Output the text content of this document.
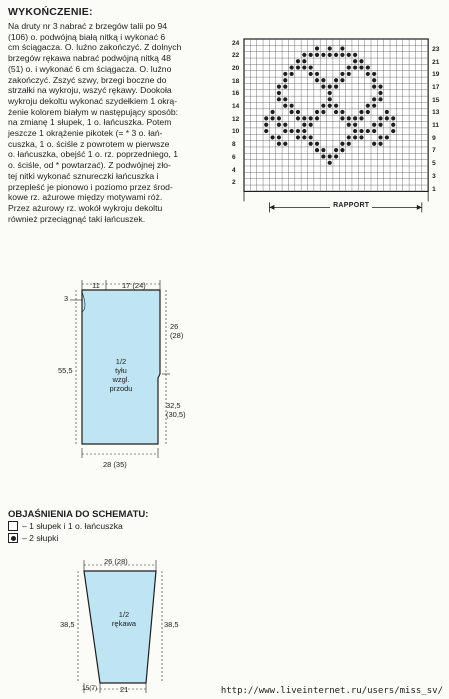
WYKOŃCZENIE:
Na druty nr 3 nabrać z brzegów talii po 94
(106) o. podwójną białą nitką i wykonać 6
cm ściągacza. O. luźno zakończyć. Z dolnych
brzegów rękawa nabrać podwójną nitką 48
(51) o. i wykonać 6 cm ściągacza. O. luźno
zakończyć. Zszyć szwy, brzegi boczne do
strzałki na wykroju, wszyć rękawy. Dookoła
wykroju dekoltu wykonać szydełkiem 1 okrą-
żenie kolorem białym w następujący sposób:
na zmianę 1 słupek, 1 o. łańcuszka. Potem
jeszcze 1 okrążenie pikotek (= * 3 o. łań-
cuszka, 1 o. ściśle z powrotem w pierwsze
o. łańcuszka, obejść 1 o. rz. poprzedniego, 1
o. ściśle, od * powtarzać). Z podwójnej zło-
tej nitki wykonać sznureczki łańcuszka i
przepleść je pionowo i poziomo przez środ-
kowe rz. ażurowe między motywami róż.
Przez ażurowy rz. wokół wykroju dekoltu
również przeciągnąć taki łańcuszek.
24
22
20
18
16
14
12
10
8
6
4
2
23
21
19
17
15
13
11
9
7
5
3
1
RAPPORT
3
11	17 (24)
26
(28)
55,5
32,5
(30,5)
28 (35)
1/2
tyłu
wzgl.
przodu
OBJAŚNIENIA DO SCHEMATU:
– 1 słupek i 1 o. łańcuszka
– 2 słupki
26 (28)
38,5	38,5
15(7)	21
1/2
rękawa
http://www.liveinternet.ru/users/miss_sv/
